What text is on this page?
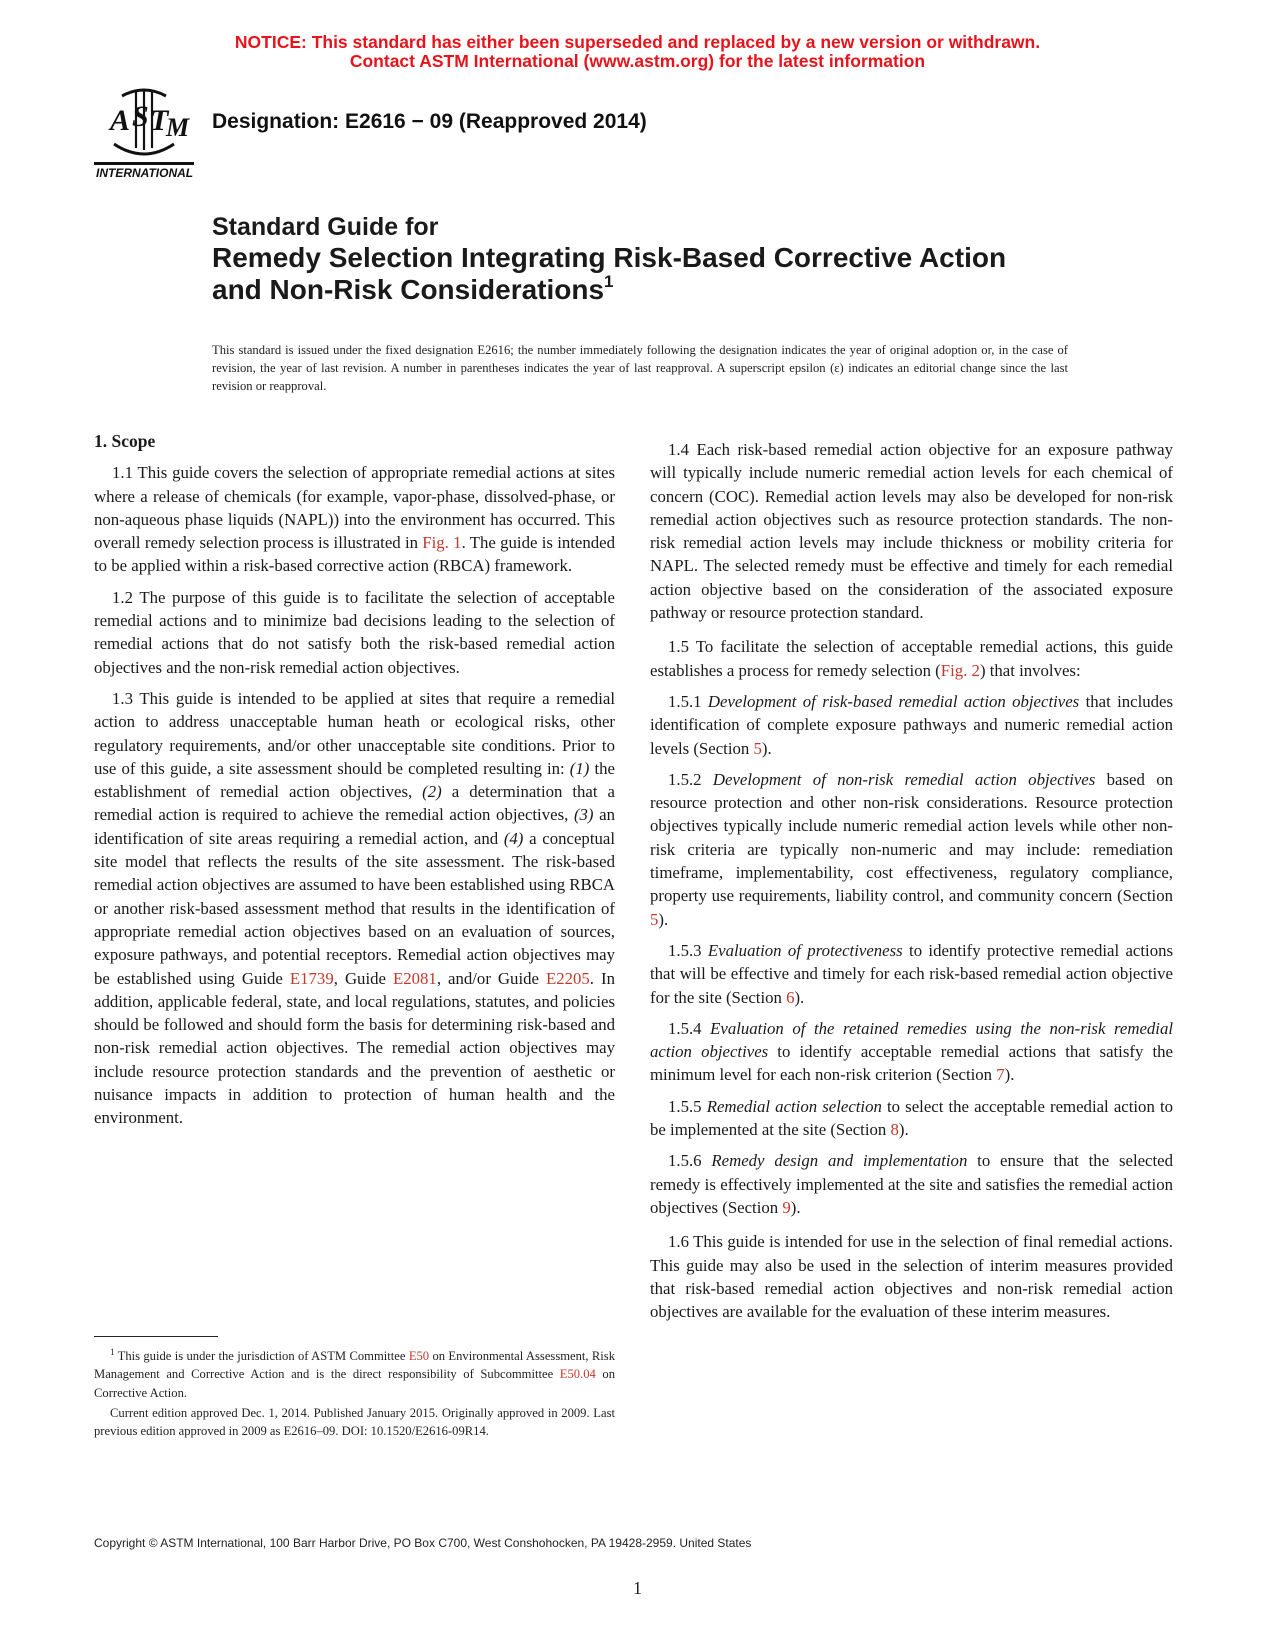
NOTICE: This standard has either been superseded and replaced by a new version or withdrawn.
Contact ASTM International (www.astm.org) for the latest information
A S T
M
INTERNATIONAL
Designation: E2616 − 09 (Reapproved 2014)
Standard Guide for
Remedy Selection Integrating Risk-Based Corrective Action
and Non-Risk Considerations$^1$
This standard is issued under the fixed designation E2616; the number immediately following the designation indicates the year of original adoption or, in the case of revision, the year of last revision. A number in parentheses indicates the year of last reapproval. A superscript epsilon (ε) indicates an editorial change since the last revision or reapproval.
1. Scope

1.1 This guide covers the selection of appropriate remedial actions at sites where a release of chemicals (for example, vapor-phase, dissolved-phase, or non-aqueous phase liquids (NAPL)) into the environment has occurred. This overall remedy selection process is illustrated in Fig. 1. The guide is intended to be applied within a risk-based corrective action (RBCA) framework.

1.2 The purpose of this guide is to facilitate the selection of acceptable remedial actions and to minimize bad decisions leading to the selection of remedial actions that do not satisfy both the risk-based remedial action objectives and the non-risk remedial action objectives.

1.3 This guide is intended to be applied at sites that require a remedial action to address unacceptable human heath or ecological risks, other regulatory requirements, and/or other unacceptable site conditions. Prior to use of this guide, a site assessment should be completed resulting in: (1) the establishment of remedial action objectives, (2) a determination that a remedial action is required to achieve the remedial action objectives, (3) an identification of site areas requiring a remedial action, and (4) a conceptual site model that reflects the results of the site assessment. The risk-based remedial action objectives are assumed to have been established using RBCA or another risk-based assessment method that results in the identification of appropriate remedial action objectives based on an evaluation of sources, exposure pathways, and potential receptors. Remedial action objectives may be established using Guide E1739, Guide E2081, and/or Guide E2205. In addition, applicable federal, state, and local regulations, statutes, and policies should be followed and should form the basis for determining risk-based and non-risk remedial action objectives. The remedial action objectives may include resource protection standards and the prevention of aesthetic or nuisance impacts in addition to protection of human health and the environment.

1.4 Each risk-based remedial action objective for an exposure pathway will typically include numeric remedial action levels for each chemical of concern (COC). Remedial action levels may also be developed for non-risk remedial action objectives such as resource protection standards. The non-risk remedial action levels may include thickness or mobility criteria for NAPL. The selected remedy must be effective and timely for each remedial action objective based on the consideration of the associated exposure pathway or resource protection standard.

1.5 To facilitate the selection of acceptable remedial actions, this guide establishes a process for remedy selection (Fig. 2) that involves:

1.5.1 Development of risk-based remedial action objectives that includes identification of complete exposure pathways and numeric remedial action levels (Section 5).

1.5.2 Development of non-risk remedial action objectives based on resource protection and other non-risk considerations. Resource protection objectives typically include numeric remedial action levels while other non-risk criteria are typically non-numeric and may include: remediation timeframe, implementability, cost effectiveness, regulatory compliance, property use requirements, liability control, and community concern (Section 5).

1.5.3 Evaluation of protectiveness to identify protective remedial actions that will be effective and timely for each risk-based remedial action objective for the site (Section 6).

1.5.4 Evaluation of the retained remedies using the non-risk remedial action objectives to identify acceptable remedial actions that satisfy the minimum level for each non-risk criterion (Section 7).

1.5.5 Remedial action selection to select the acceptable remedial action to be implemented at the site (Section 8).

1.5.6 Remedy design and implementation to ensure that the selected remedy is effectively implemented at the site and satisfies the remedial action objectives (Section 9).

1.6 This guide is intended for use in the selection of final remedial actions. This guide may also be used in the selection of interim measures provided that risk-based remedial action objectives and non-risk remedial action objectives are available for the evaluation of these interim measures.

$^1$ This guide is under the jurisdiction of ASTM Committee E50 on Environmental Assessment, Risk Management and Corrective Action and is the direct responsibility of Subcommittee E50.04 on Corrective Action.

Current edition approved Dec. 1, 2014. Published January 2015. Originally approved in 2009. Last previous edition approved in 2009 as E2616–09. DOI: 10.1520/E2616-09R14.

Copyright © ASTM International, 100 Barr Harbor Drive, PO Box C700, West Conshohocken, PA 19428-2959. United States
1
